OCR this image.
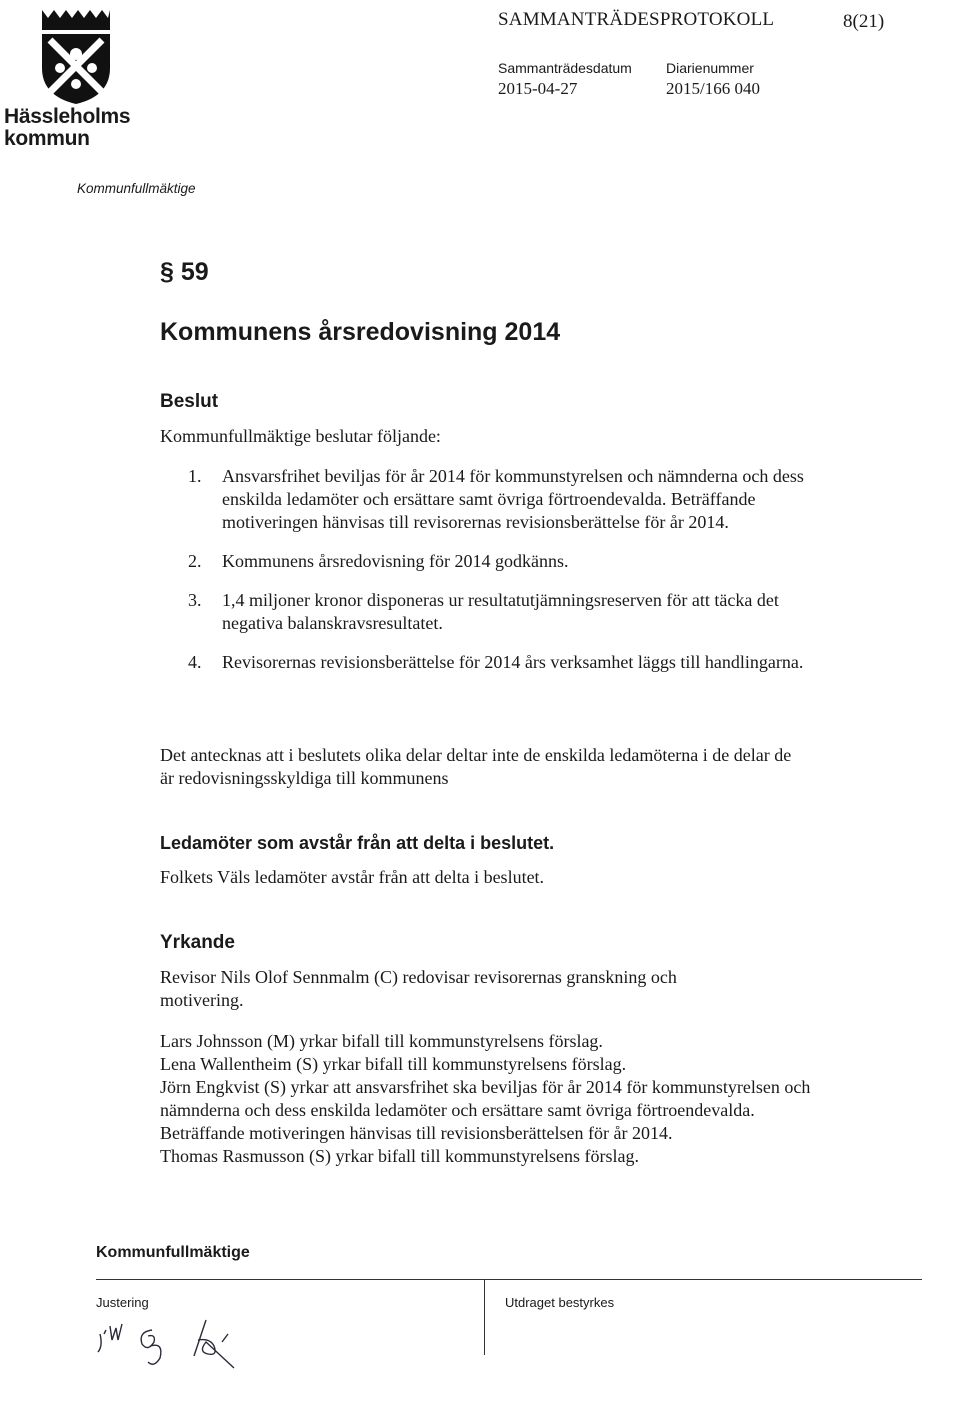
Hässleholms
kommun
SAMMANTRÄDESPROTOKOLL	8(21)
Sammanträdesdatum
2015-04-27
Diarienummer
2015/166 040
Kommunfullmäktige
§ 59
Kommunens årsredovisning 2014
Beslut
Kommunfullmäktige beslutar följande:
1. Ansvarsfrihet beviljas för år 2014 för kommunstyrelsen och nämnderna och dess enskilda ledamöter och ersättare samt övriga förtroendevalda. Beträffande motiveringen hänvisas till revisorernas revisionsberättelse för år 2014.
2. Kommunens årsredovisning för 2014 godkänns.
3. 1,4 miljoner kronor disponeras ur resultatutjämningsreserven för att täcka det negativa balanskravsresultatet.
4. Revisorernas revisionsberättelse för 2014 års verksamhet läggs till handlingarna.
Det antecknas att i beslutets olika delar deltar inte de enskilda ledamöterna i de delar de är redovisningsskyldiga till kommunens
Ledamöter som avstår från att delta i beslutet.
Folkets Väls ledamöter avstår från att delta i beslutet.
Yrkande
Revisor Nils Olof Sennmalm (C) redovisar revisorernas granskning och motivering.
Lars Johnsson (M) yrkar bifall till kommunstyrelsens förslag.
Lena Wallentheim (S) yrkar bifall till kommunstyrelsens förslag.
Jörn Engkvist (S) yrkar att ansvarsfrihet ska beviljas för år 2014 för kommunstyrelsen och nämnderna och dess enskilda ledamöter och ersättare samt övriga förtroendevalda. Beträffande motiveringen hänvisas till revisionsberättelsen för år 2014.
Thomas Rasmusson (S) yrkar bifall till kommunstyrelsens förslag.
Kommunfullmäktige
Justering	Utdraget bestyrkes
